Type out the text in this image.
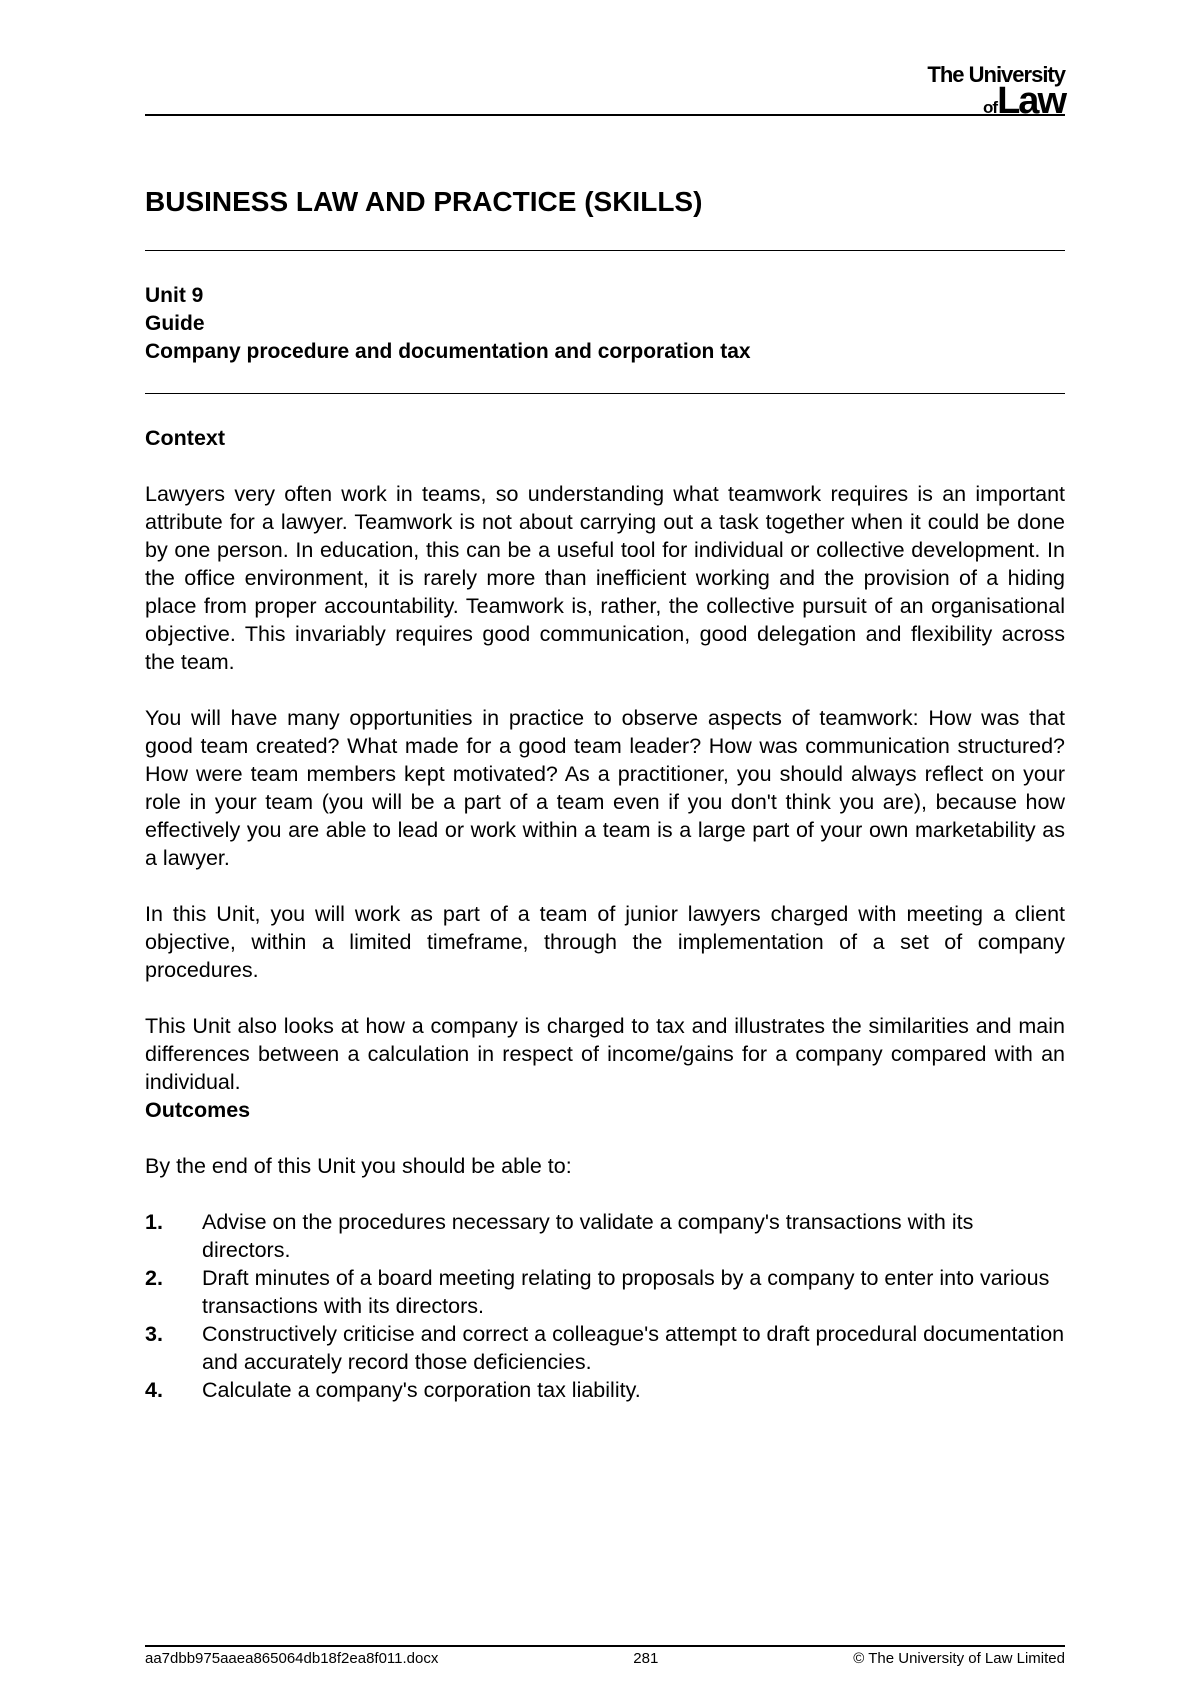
The University
ofLaw
BUSINESS LAW AND PRACTICE (SKILLS)
Unit 9
Guide
Company procedure and documentation and corporation tax

Context

Lawyers very often work in teams, so understanding what teamwork requires is an important attribute for a lawyer. Teamwork is not about carrying out a task together when it could be done by one person. In education, this can be a useful tool for individual or collective development. In the office environment, it is rarely more than inefficient working and the provision of a hiding place from proper accountability. Teamwork is, rather, the collective pursuit of an organisational objective. This invariably requires good communication, good delegation and flexibility across the team.

You will have many opportunities in practice to observe aspects of teamwork: How was that good team created? What made for a good team leader? How was communication structured? How were team members kept motivated? As a practitioner, you should always reflect on your role in your team (you will be a part of a team even if you don't think you are), because how effectively you are able to lead or work within a team is a large part of your own marketability as a lawyer.

In this Unit, you will work as part of a team of junior lawyers charged with meeting a client objective, within a limited timeframe, through the implementation of a set of company procedures.

This Unit also looks at how a company is charged to tax and illustrates the similarities and main differences between a calculation in respect of income/gains for a company compared with an individual.

Outcomes

By the end of this Unit you should be able to:

1. Advise on the procedures necessary to validate a company's transactions with its directors.
2. Draft minutes of a board meeting relating to proposals by a company to enter into various transactions with its directors.
3. Constructively criticise and correct a colleague's attempt to draft procedural documentation and accurately record those deficiencies.
4. Calculate a company's corporation tax liability.
aa7dbb975aaea865064db18f2ea8f011.docx	281	© The University of Law Limited
